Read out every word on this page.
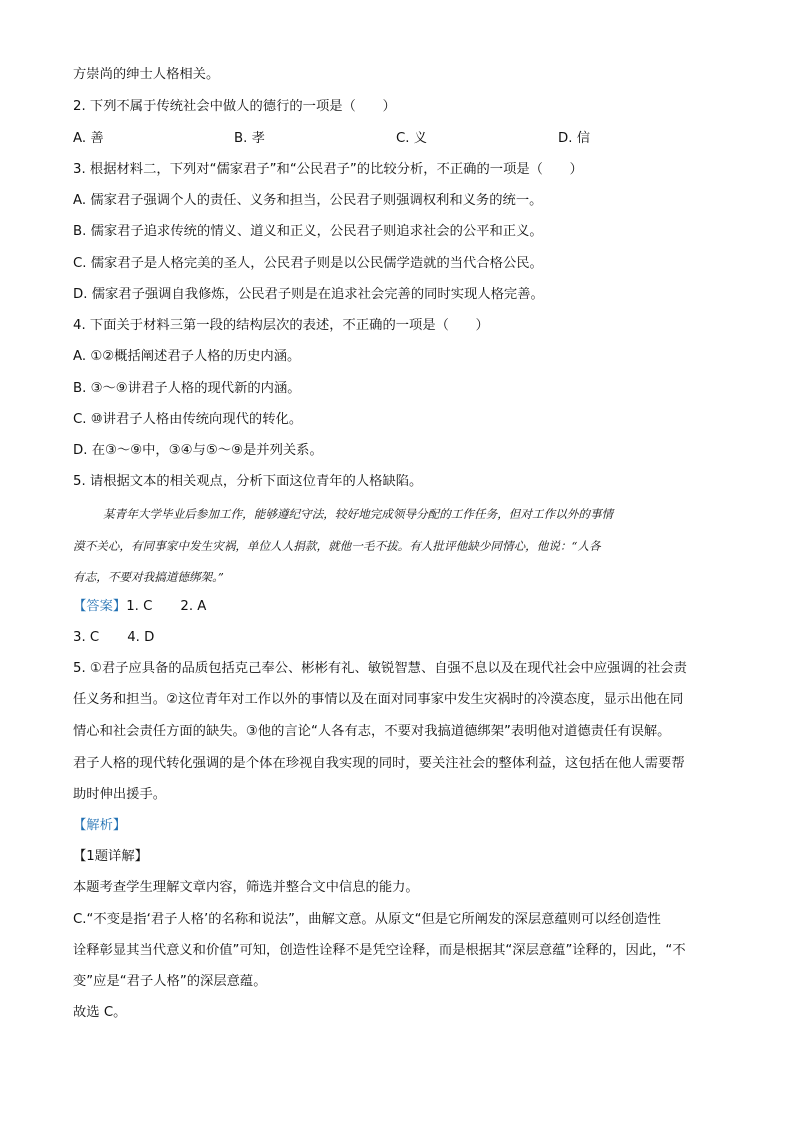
方崇尚的绅士人格相关。
2. 下列不属于传统社会中做人的德行的一项是（　　）
A. 善	B. 孝	C. 义	D. 信
3. 根据材料二，下列对“儒家君子”和“公民君子”的比较分析，不正确的一项是（　　）
A. 儒家君子强调个人的责任、义务和担当，公民君子则强调权利和义务的统一。
B. 儒家君子追求传统的情义、道义和正义，公民君子则追求社会的公平和正义。
C. 儒家君子是人格完美的圣人，公民君子则是以公民儒学造就的当代合格公民。
D. 儒家君子强调自我修炼，公民君子则是在追求社会完善的同时实现人格完善。
4. 下面关于材料三第一段的结构层次的表述，不正确的一项是（　　）
A. ①②概括阐述君子人格的历史内涵。
B. ③～⑨讲君子人格的现代新的内涵。
C. ⑩讲君子人格由传统向现代的转化。
D. 在③～⑨中，③④与⑤～⑨是并列关系。
5. 请根据文本的相关观点，分析下面这位青年的人格缺陷。
某青年大学毕业后参加工作，能够遵纪守法，较好地完成领导分配的工作任务，但对工作以外的事情
漠不关心，有同事家中发生灾祸，单位人人捐款，就他一毛不拔。有人批评他缺少同情心，他说：“人各
有志，不要对我搞道德绑架。”
【答案】1. C 2. A
3. C 4. D
5. ①君子应具备的品质包括克己奉公、彬彬有礼、敏锐智慧、自强不息以及在现代社会中应强调的社会责
任义务和担当。②这位青年对工作以外的事情以及在面对同事家中发生灾祸时的冷漠态度，显示出他在同
情心和社会责任方面的缺失。③他的言论“人各有志，不要对我搞道德绑架”表明他对道德责任有误解。
君子人格的现代转化强调的是个体在珍视自我实现的同时，要关注社会的整体利益，这包括在他人需要帮
助时伸出援手。
【解析】
【1题详解】
本题考查学生理解文章内容，筛选并整合文中信息的能力。
C.“不变是指‘君子人格’的名称和说法”，曲解文意。从原文“但是它所阐发的深层意蕴则可以经创造性
诠释彰显其当代意义和价值”可知，创造性诠释不是凭空诠释，而是根据其“深层意蕴”诠释的，因此，“不
变”应是“君子人格”的深层意蕴。
故选 C。
